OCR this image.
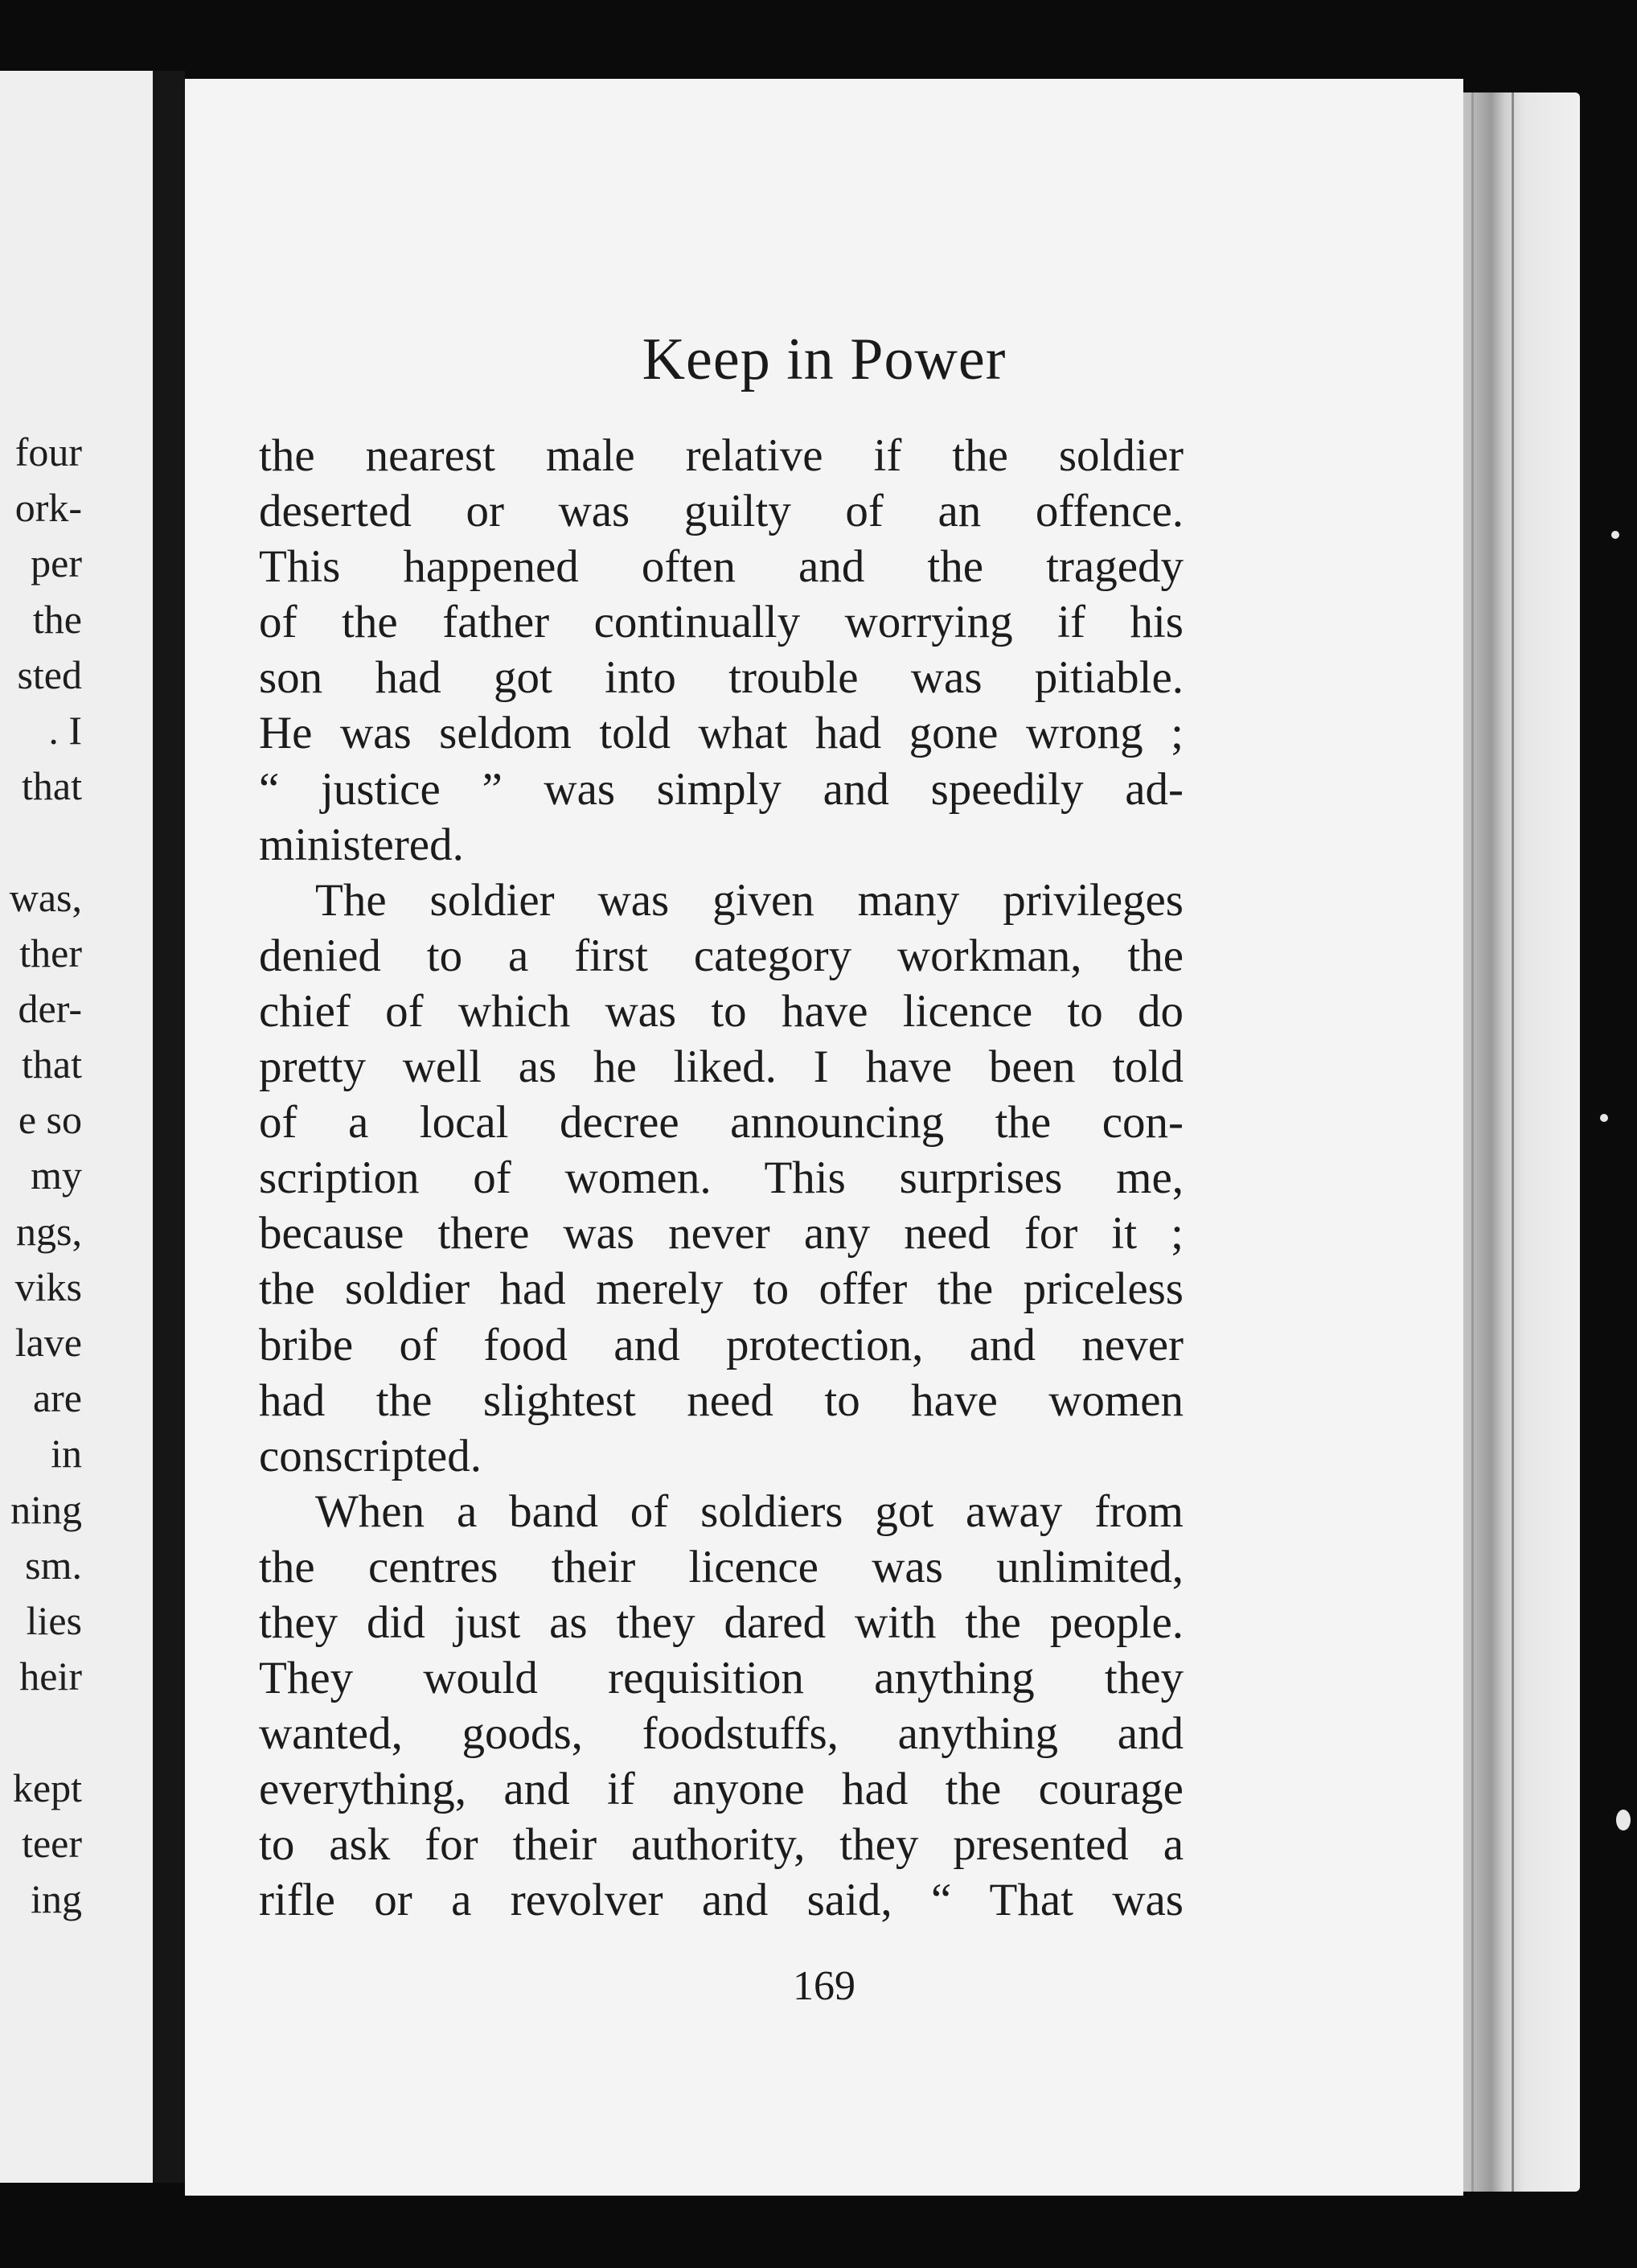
four
ork-
per
the
sted
. I
that
was,
ther
der-
that
e so
my
ngs,
viks
lave
are
in
ning
sm.
lies
heir
kept
teer
ing
Keep in Power
the nearest male relative if the soldier
deserted or was guilty of an offence.
This happened often and the tragedy
of the father continually worrying if his
son had got into trouble was pitiable.
He was seldom told what had gone wrong ;
“ justice ” was simply and speedily ad-
ministered.
The soldier was given many privileges
denied to a first category workman, the
chief of which was to have licence to do
pretty well as he liked. I have been told
of a local decree announcing the con-
scription of women. This surprises me,
because there was never any need for it ;
the soldier had merely to offer the priceless
bribe of food and protection, and never
had the slightest need to have women
conscripted.
When a band of soldiers got away from
the centres their licence was unlimited,
they did just as they dared with the people.
They would requisition anything they
wanted, goods, foodstuffs, anything and
everything, and if anyone had the courage
to ask for their authority, they presented a
rifle or a revolver and said, “ That was
169
